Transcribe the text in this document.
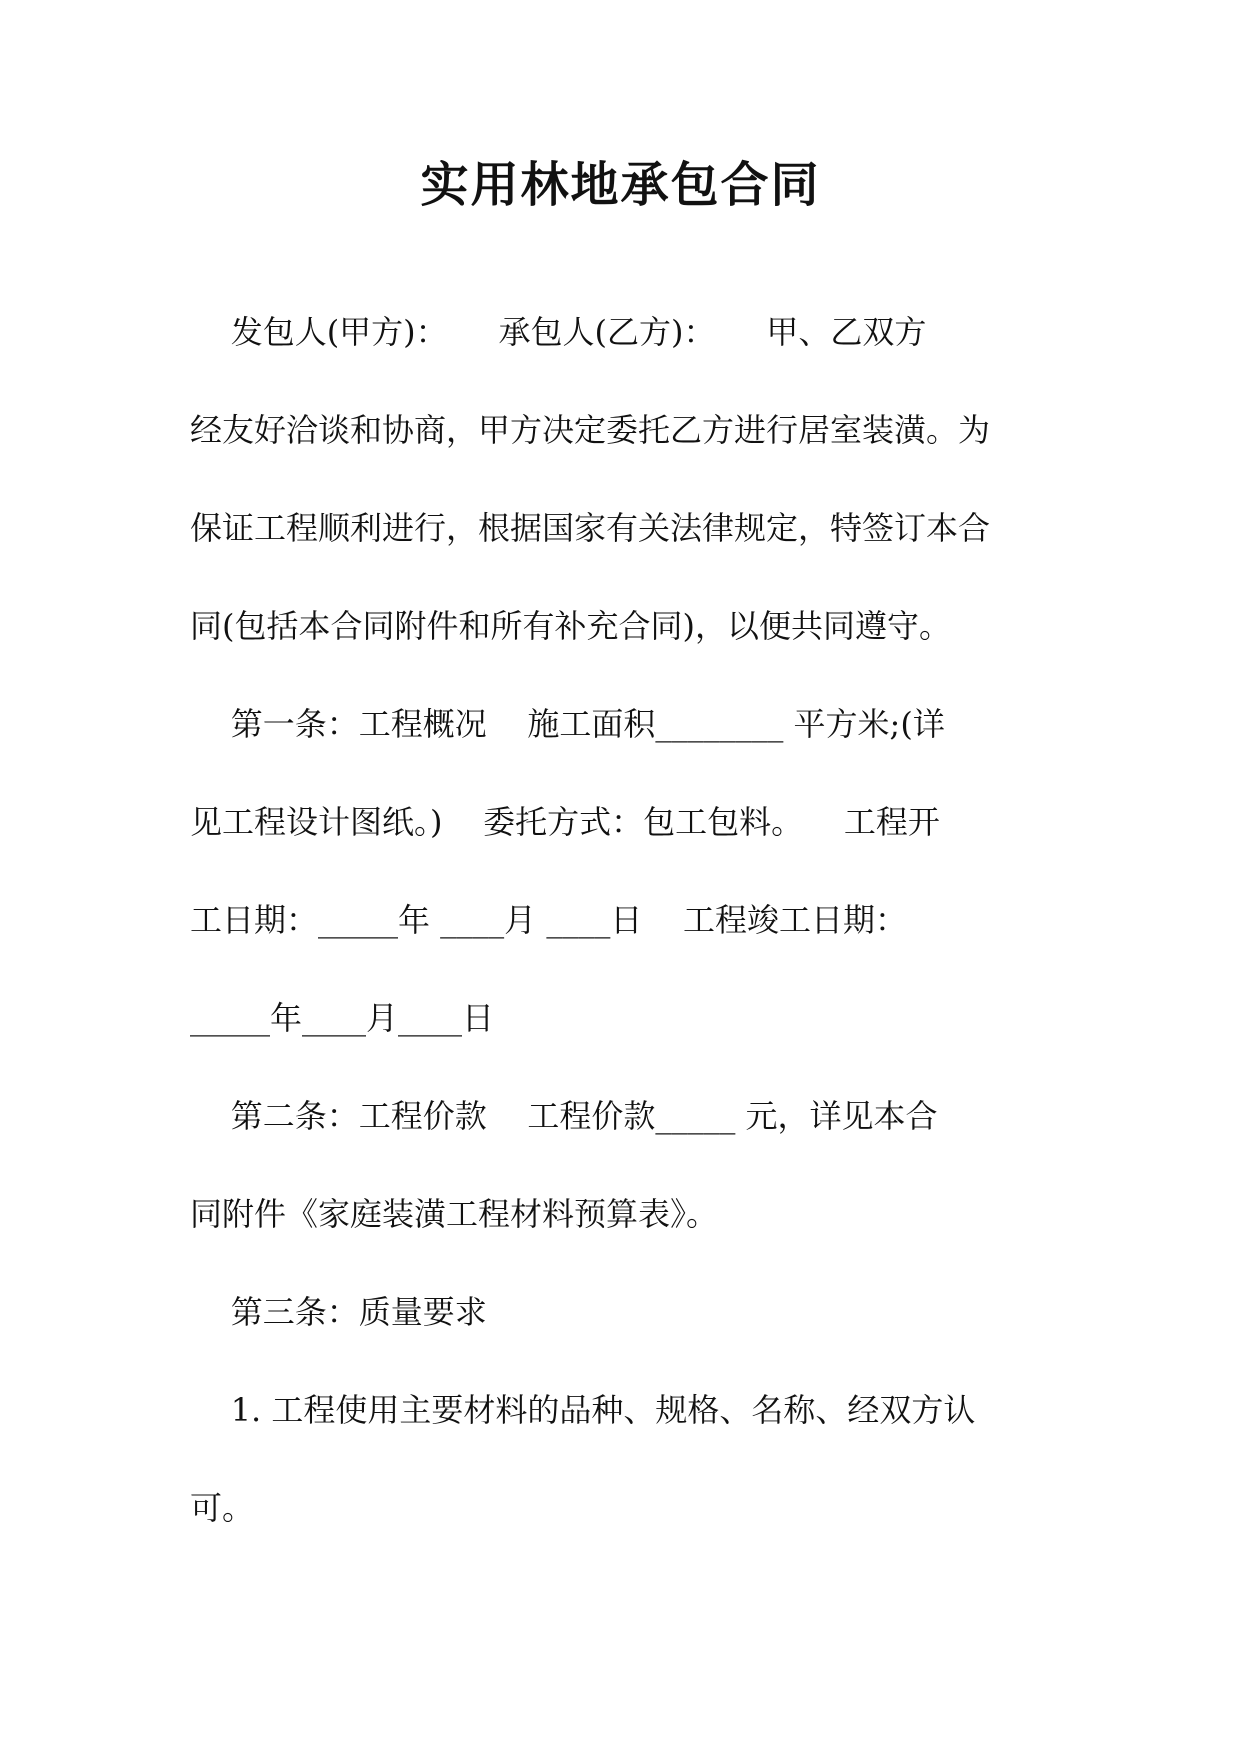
实用林地承包合同
发包人(甲方)：     承包人(乙方)：     甲、乙双方
经友好洽谈和协商，甲方决定委托乙方进行居室装潢。为
保证工程顺利进行，根据国家有关法律规定，特签订本合
同(包括本合同附件和所有补充合同)，以便共同遵守。
第一条：工程概况    施工面积________ 平方米;(详
见工程设计图纸。)    委托方式：包工包料。    工程开
工日期：_____年 ____月 ____日    工程竣工日期：
_____年____月____日
第二条：工程价款    工程价款_____ 元，详见本合
同附件《家庭装潢工程材料预算表》。
第三条：质量要求
1. 工程使用主要材料的品种、规格、名称、经双方认
可。
